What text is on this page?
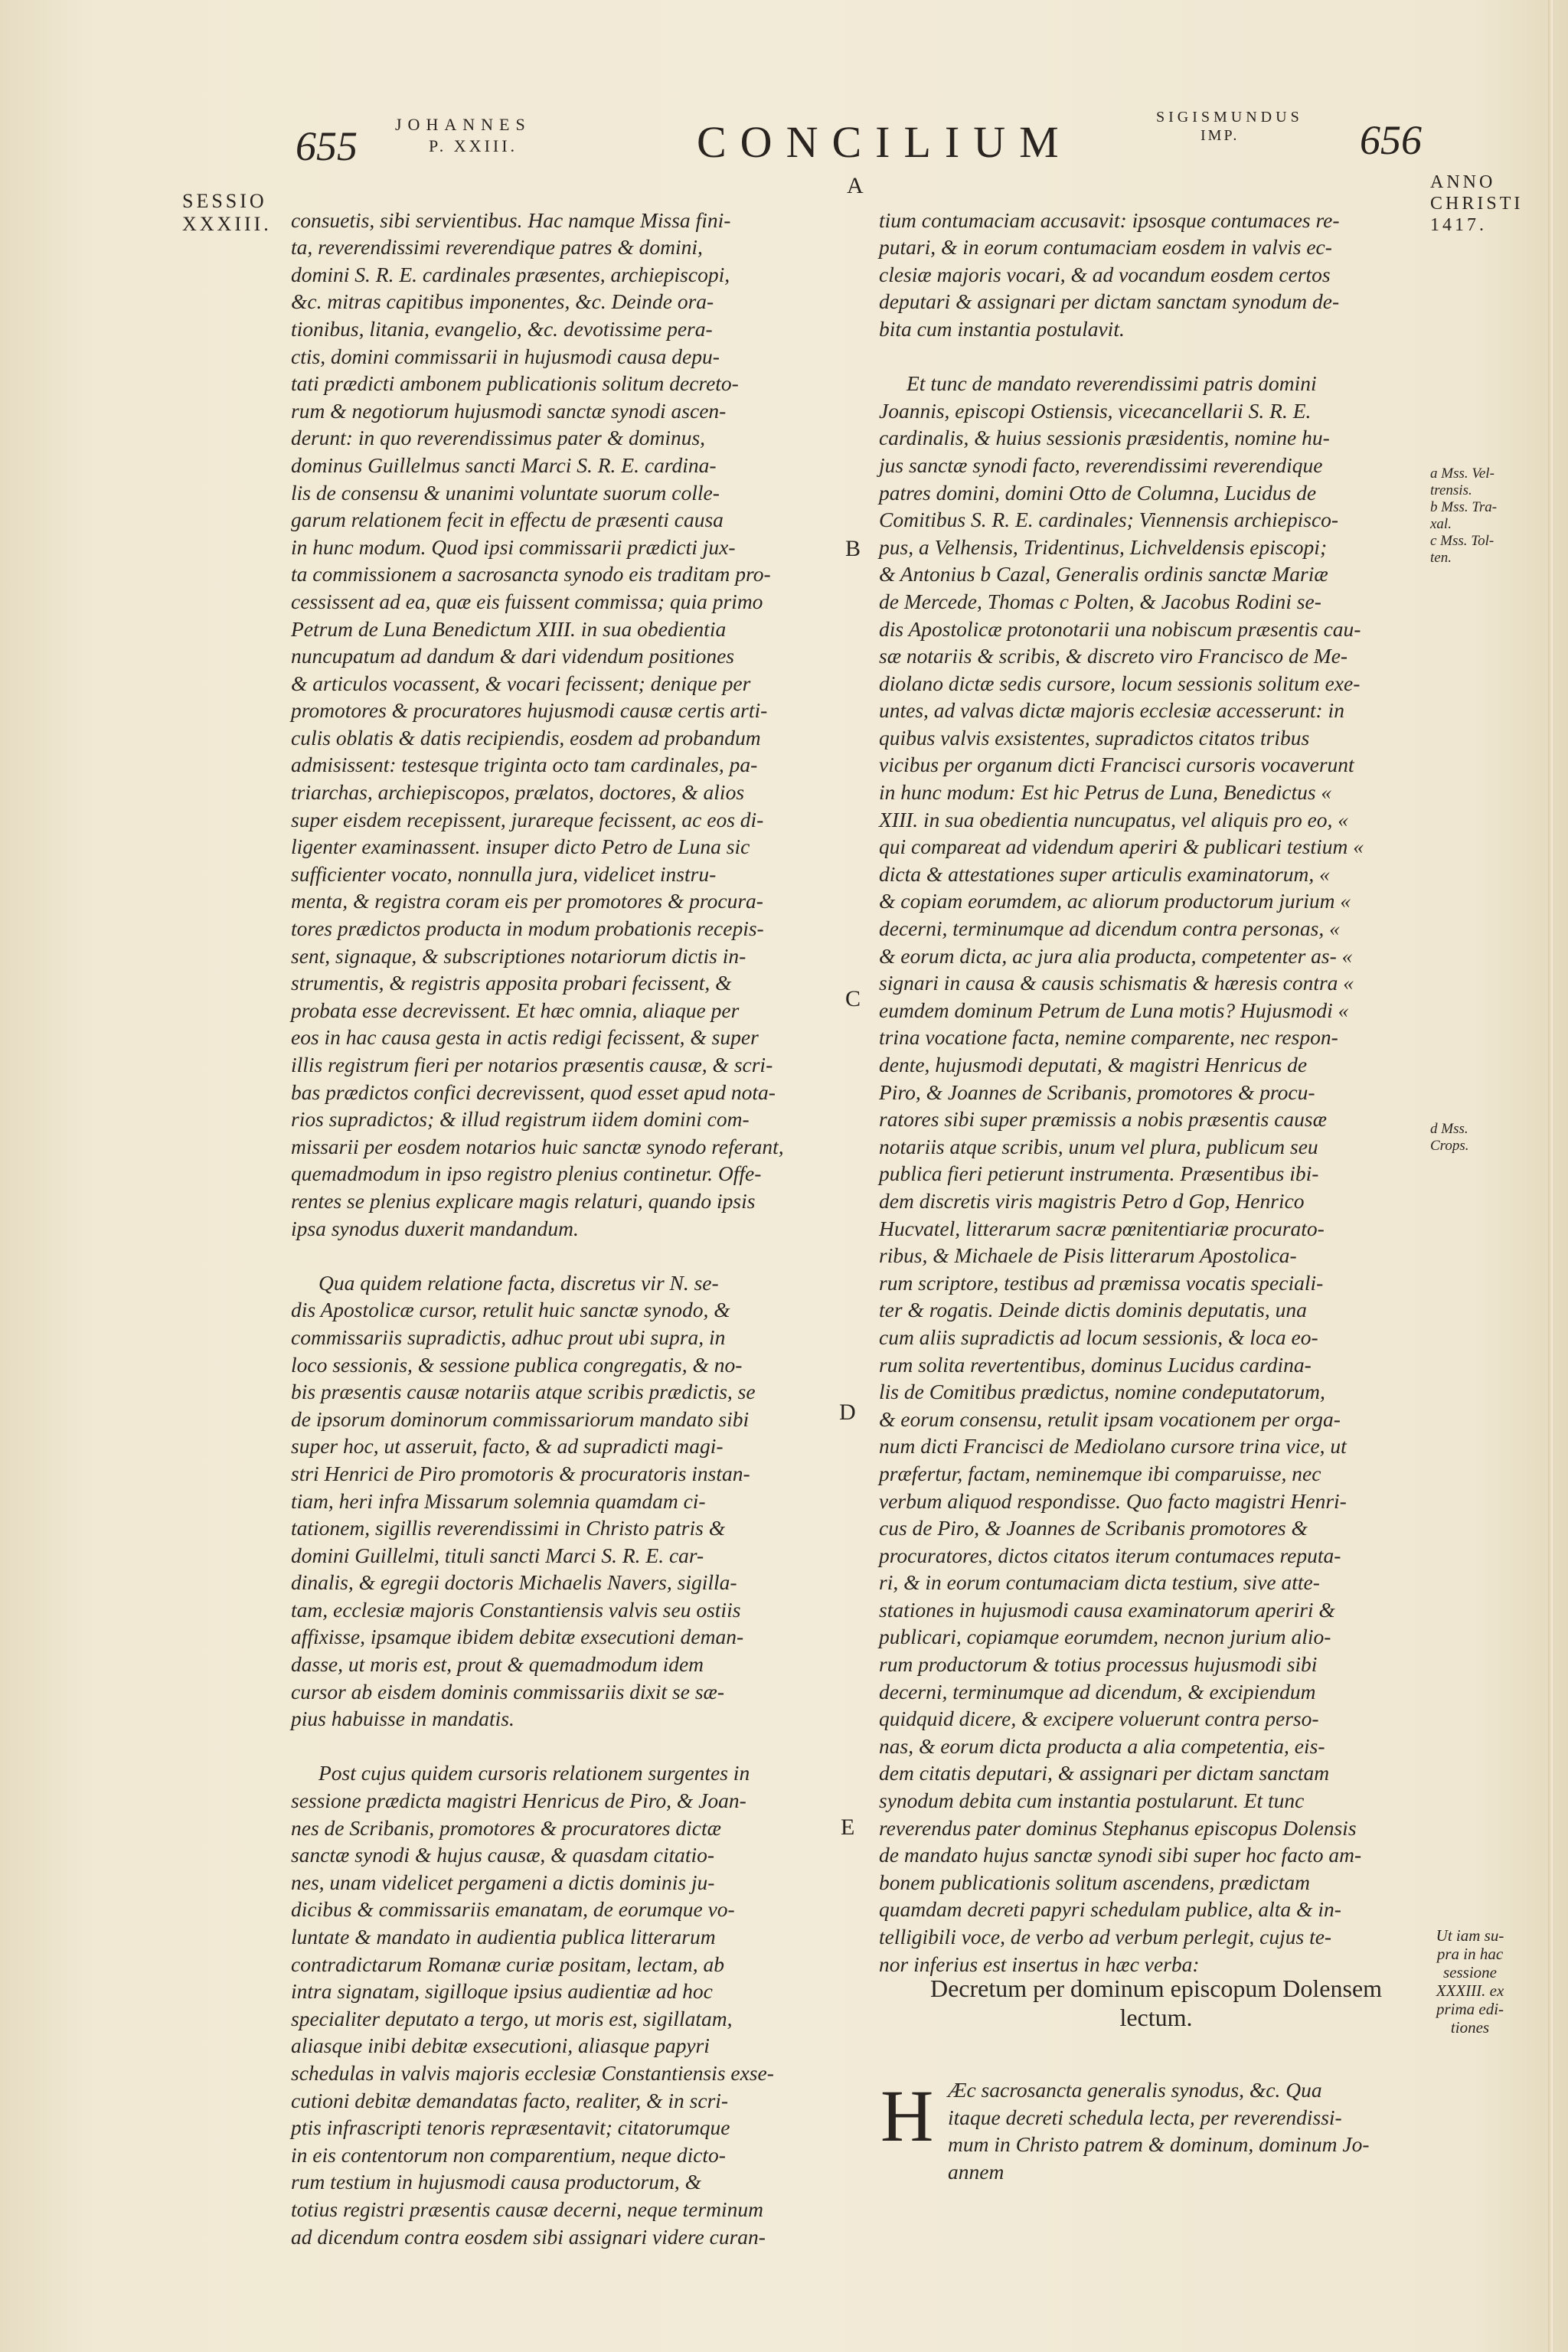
655 JOHANNES
P. XXIII.	CONCILIUM	SIGISMUNDUS
IMP.	656
SESSIO
XXXIII.
ANNO
CHRISTI
1417.
a Mss. Vel-
trensis.
b Mss. Tra-
xal.
c Mss. Tol-
ten.
d Mss. Crops.
Ut iam su-
pra in hac
sessione
XXXIII. ex
prima edi-
tiones
A
B
C
D
E

consuetis, sibi servientibus. Hac namque Missa fini-
ta, reverendissimi reverendique patres & domini,
domini S. R. E. cardinales præsentes, archiepiscopi,
&c. mitras capitibus imponentes, &c. Deinde ora-
tionibus, litania, evangelio, &c. devotissime pera-
ctis, domini commissarii in hujusmodi causa depu-
tati prædicti ambonem publicationis solitum decreto-
rum & negotiorum hujusmodi sanctæ synodi ascen-
derunt: in quo reverendissimus pater & dominus,
dominus Guillelmus sancti Marci S. R. E. cardina-
lis de consensu & unanimi voluntate suorum colle-
garum relationem fecit in effectu de præsenti causa
in hunc modum. Quod ipsi commissarii prædicti jux-
ta commissionem a sacrosancta synodo eis traditam pro-
cessissent ad ea, quæ eis fuissent commissa; quia primo
Petrum de Luna Benedictum XIII. in sua obedientia
nuncupatum ad dandum & dari videndum positiones
& articulos vocassent, & vocari fecissent; denique per
promotores & procuratores hujusmodi causæ certis arti-
culis oblatis & datis recipiendis, eosdem ad probandum
admisissent: testesque triginta octo tam cardinales, pa-
triarchas, archiepiscopos, prælatos, doctores, & alios
super eisdem recepissent, jurareque fecissent, ac eos di-
ligenter examinassent. insuper dicto Petro de Luna sic
sufficienter vocato, nonnulla jura, videlicet instru-
menta, & registra coram eis per promotores & procura-
tores prædictos producta in modum probationis recepis-
sent, signaque, & subscriptiones notariorum dictis in-
strumentis, & registris apposita probari fecissent, &
probata esse decrevissent. Et hæc omnia, aliaque per
eos in hac causa gesta in actis redigi fecissent, & super
illis registrum fieri per notarios præsentis causæ, & scri-
bas prædictos confici decrevissent, quod esset apud nota-
rios supradictos; & illud registrum iidem domini com-
missarii per eosdem notarios huic sanctæ synodo referant,
quemadmodum in ipso registro plenius continetur. Offe-
rentes se plenius explicare magis relaturi, quando ipsis
ipsa synodus duxerit mandandum.

Qua quidem relatione facta, discretus vir N. se-
dis Apostolicæ cursor, retulit huic sanctæ synodo, &
commissariis supradictis, adhuc prout ubi supra, in
loco sessionis, & sessione publica congregatis, & no-
bis præsentis causæ notariis atque scribis prædictis, se
de ipsorum dominorum commissariorum mandato sibi
super hoc, ut asseruit, facto, & ad supradicti magi-
stri Henrici de Piro promotoris & procuratoris instan-
tiam, heri infra Missarum solemnia quamdam ci-
tationem, sigillis reverendissimi in Christo patris &
domini Guillelmi, tituli sancti Marci S. R. E. car-
dinalis, & egregii doctoris Michaelis Navers, sigilla-
tam, ecclesiæ majoris Constantiensis valvis seu ostiis
affixisse, ipsamque ibidem debitæ exsecutioni deman-
dasse, ut moris est, prout & quemadmodum idem
cursor ab eisdem dominis commissariis dixit se sæ-
pius habuisse in mandatis.

Post cujus quidem cursoris relationem surgentes in
sessione prædicta magistri Henricus de Piro, & Joan-
nes de Scribanis, promotores & procuratores dictæ
sanctæ synodi & hujus causæ, & quasdam citatio-
nes, unam videlicet pergameni a dictis dominis ju-
dicibus & commissariis emanatam, de eorumque vo-
luntate & mandato in audientia publica litterarum
contradictarum Romanæ curiæ positam, lectam, ab
intra signatam, sigilloque ipsius audientiæ ad hoc
specialiter deputato a tergo, ut moris est, sigillatam,
aliasque inibi debitæ exsecutioni, aliasque papyri
schedulas in valvis majoris ecclesiæ Constantiensis exse-
cutioni debitæ demandatas facto, realiter, & in scri-
ptis infrascripti tenoris repræsentavit; citatorumque
in eis contentorum non comparentium, neque dicto-
rum testium in hujusmodi causa productorum, &
totius registri præsentis causæ decerni, neque terminum
ad dicendum contra eosdem sibi assignari videre curan-

tium contumaciam accusavit: ipsosque contumaces re-
putari, & in eorum contumaciam eosdem in valvis ec-
clesiæ majoris vocari, & ad vocandum eosdem certos
deputari & assignari per dictam sanctam synodum de-
bita cum instantia postulavit.

Et tunc de mandato reverendissimi patris domini
Joannis, episcopi Ostiensis, vicecancellarii S. R. E.
cardinalis, & huius sessionis præsidentis, nomine hu-
jus sanctæ synodi facto, reverendissimi reverendique
patres domini, domini Otto de Columna, Lucidus de
Comitibus S. R. E. cardinales; Viennensis archiepisco-
pus, a Velhensis, Tridentinus, Lichveldensis episcopi;
& Antonius b Cazal, Generalis ordinis sanctæ Mariæ
de Mercede, Thomas c Polten, & Jacobus Rodini se-
dis Apostolicæ protonotarii una nobiscum præsentis cau-
sæ notariis & scribis, & discreto viro Francisco de Me-
diolano dictæ sedis cursore, locum sessionis solitum exe-
untes, ad valvas dictæ majoris ecclesiæ accesserunt: in
quibus valvis exsistentes, supradictos citatos tribus
vicibus per organum dicti Francisci cursoris vocaverunt
in hunc modum: Est hic Petrus de Luna, Benedictus «
XIII. in sua obedientia nuncupatus, vel aliquis pro eo, «
qui compareat ad videndum aperiri & publicari testium «
dicta & attestationes super articulis examinatorum, «
& copiam eorumdem, ac aliorum productorum jurium «
decerni, terminumque ad dicendum contra personas, «
& eorum dicta, ac jura alia producta, competenter as- «
signari in causa & causis schismatis & hæresis contra «
eumdem dominum Petrum de Luna motis? Hujusmodi «
trina vocatione facta, nemine comparente, nec respon-
dente, hujusmodi deputati, & magistri Henricus de
Piro, & Joannes de Scribanis, promotores & procu-
ratores sibi super præmissis a nobis præsentis causæ
notariis atque scribis, unum vel plura, publicum seu
publica fieri petierunt instrumenta. Præsentibus ibi-
dem discretis viris magistris Petro d Gop, Henrico
Hucvatel, litterarum sacræ pœnitentiariæ procurato-
ribus, & Michaele de Pisis litterarum Apostolica-
rum scriptore, testibus ad præmissa vocatis speciali-
ter & rogatis. Deinde dictis dominis deputatis, una
cum aliis supradictis ad locum sessionis, & loca eo-
rum solita revertentibus, dominus Lucidus cardina-
lis de Comitibus prædictus, nomine condeputatorum,
& eorum consensu, retulit ipsam vocationem per orga-
num dicti Francisci de Mediolano cursore trina vice, ut
præfertur, factam, neminemque ibi comparuisse, nec
verbum aliquod respondisse. Quo facto magistri Henri-
cus de Piro, & Joannes de Scribanis promotores &
procuratores, dictos citatos iterum contumaces reputa-
ri, & in eorum contumaciam dicta testium, sive atte-
stationes in hujusmodi causa examinatorum aperiri &
publicari, copiamque eorumdem, necnon jurium alio-
rum productorum & totius processus hujusmodi sibi
decerni, terminumque ad dicendum, & excipiendum
quidquid dicere, & excipere voluerunt contra perso-
nas, & eorum dicta producta a alia competentia, eis-
dem citatis deputari, & assignari per dictam sanctam
synodum debita cum instantia postularunt. Et tunc
reverendus pater dominus Stephanus episcopus Dolensis
de mandato hujus sanctæ synodi sibi super hoc facto am-
bonem publicationis solitum ascendens, prædictam
quamdam decreti papyri schedulam publice, alta & in-
telligibili voce, de verbo ad verbum perlegit, cujus te-
nor inferius est insertus in hæc verba:

Decretum per dominum episcopum Dolensem
lectum.
H Æc sacrosancta generalis synodus, &c. Qua
itaque decreti schedula lecta, per reverendissi-
mum in Christo patrem & dominum, dominum Jo-
annem
